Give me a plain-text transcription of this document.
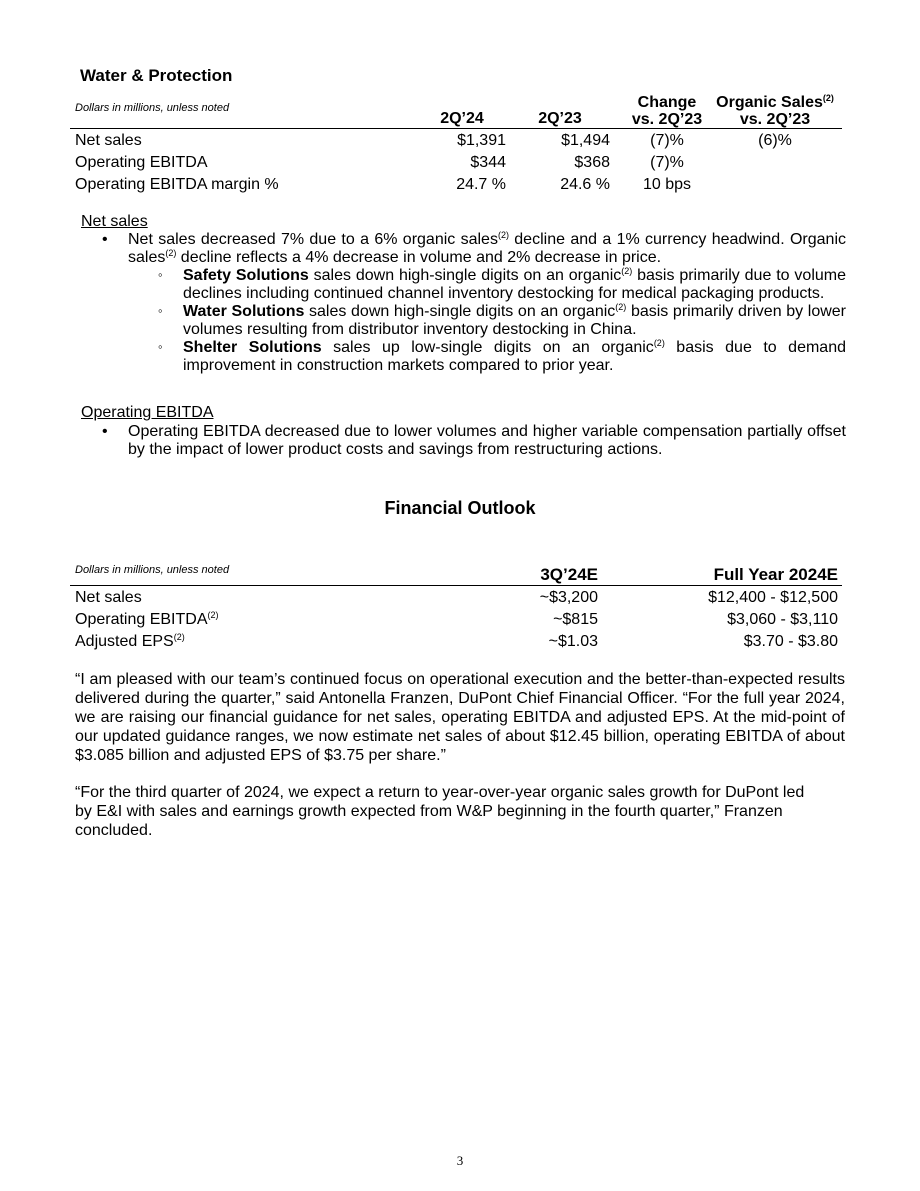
Water & Protection
Dollars in millions, unless noted
2Q’24	2Q’23
Change
vs. 2Q’23
Organic Sales$^{(2)}$
vs. 2Q’23
Net sales	$1,391	$1,494	(7)%	(6)%
Operating EBITDA	$344	$368	(7)%
Operating EBITDA margin %	24.7 %	24.6 %	10 bps
Net sales
• Net sales decreased 7% due to a 6% organic sales$^{(2)}$ decline and a 1% currency headwind. Organic sales$^{(2)}$ decline reflects a 4% decrease in volume and 2% decrease in price.
◦ Safety Solutions sales down high-single digits on an organic$^{(2)}$ basis primarily due to volume declines including continued channel inventory destocking for medical packaging products.
◦ Water Solutions sales down high-single digits on an organic$^{(2)}$ basis primarily driven by lower volumes resulting from distributor inventory destocking in China.
◦ Shelter Solutions sales up low-single digits on an organic$^{(2)}$ basis due to demand improvement in construction markets compared to prior year.
Operating EBITDA
• Operating EBITDA decreased due to lower volumes and higher variable compensation partially offset by the impact of lower product costs and savings from restructuring actions.
Financial Outlook
Dollars in millions, unless noted	3Q’24E	Full Year 2024E
Net sales	~$3,200	$12,400 - $12,500
Operating EBITDA$^{(2)}$	~$815	$3,060 - $3,110
Adjusted EPS$^{(2)}$	~$1.03	$3.70 - $3.80
“I am pleased with our team’s continued focus on operational execution and the better-than-expected results delivered during the quarter,” said Antonella Franzen, DuPont Chief Financial Officer. “For the full year 2024, we are raising our financial guidance for net sales, operating EBITDA and adjusted EPS. At the mid-point of our updated guidance ranges, we now estimate net sales of about $12.45 billion, operating EBITDA of about $3.085 billion and adjusted EPS of $3.75 per share.”
“For the third quarter of 2024, we expect a return to year-over-year organic sales growth for DuPont led by E&I with sales and earnings growth expected from W&P beginning in the fourth quarter,” Franzen concluded.
3
